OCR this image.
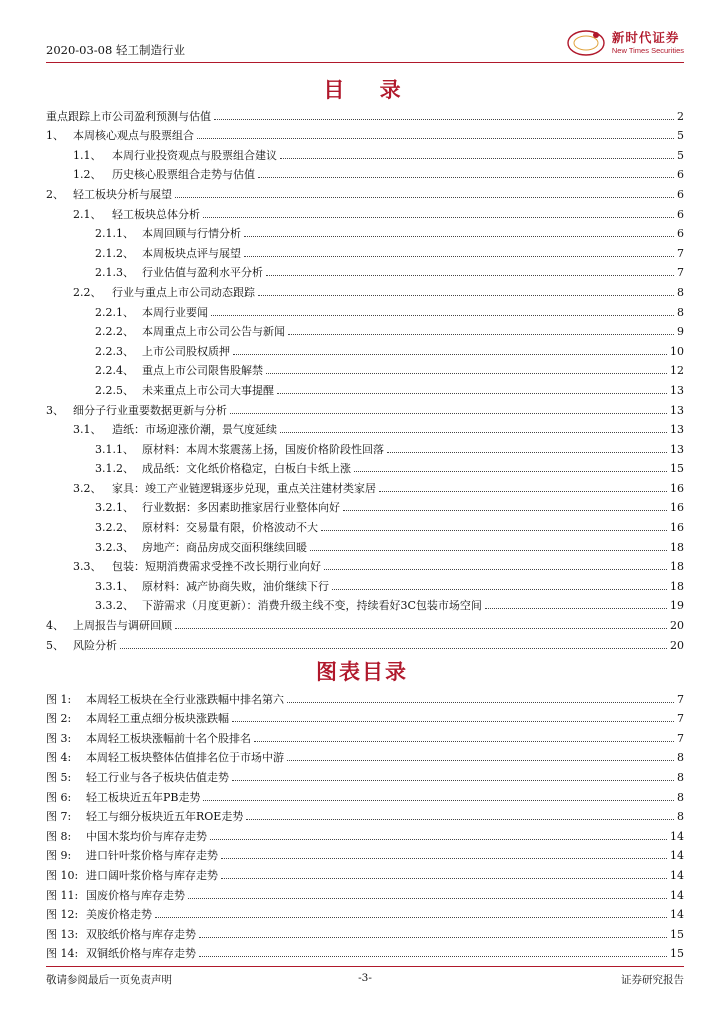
2020-03-08 轻工制造行业
新时代证券
New Times Securities
目 录
重点跟踪上市公司盈利预测与估值	2
1、 本周核心观点与股票组合	5
1.1、 本周行业投资观点与股票组合建议	5
1.2、 历史核心股票组合走势与估值	6
2、 轻工板块分析与展望	6
2.1、 轻工板块总体分析	6
2.1.1、 本周回顾与行情分析	6
2.1.2、 本周板块点评与展望	7
2.1.3、 行业估值与盈利水平分析	7
2.2、 行业与重点上市公司动态跟踪	8
2.2.1、 本周行业要闻	8
2.2.2、 本周重点上市公司公告与新闻	9
2.2.3、 上市公司股权质押	10
2.2.4、 重点上市公司限售股解禁	12
2.2.5、 未来重点上市公司大事提醒	13
3、 细分子行业重要数据更新与分析	13
3.1、 造纸：市场迎涨价潮，景气度延续	13
3.1.1、 原材料：本周木浆震荡上扬，国废价格阶段性回落	13
3.1.2、 成品纸：文化纸价格稳定，白板白卡纸上涨	15
3.2、 家具：竣工产业链逻辑逐步兑现，重点关注建材类家居	16
3.2.1、 行业数据：多因素助推家居行业整体向好	16
3.2.2、 原材料：交易量有限，价格波动不大	16
3.2.3、 房地产：商品房成交面积继续回暖	18
3.3、 包装：短期消费需求受挫不改长期行业向好	18
3.3.1、 原材料：减产协商失败，油价继续下行	18
3.3.2、 下游需求（月度更新）：消费升级主线不变，持续看好3C包装市场空间	19
4、 上周报告与调研回顾	20
5、 风险分析	20
图表目录
图 1:	本周轻工板块在全行业涨跌幅中排名第六	7
图 2:	本周轻工重点细分板块涨跌幅	7
图 3:	本周轻工板块涨幅前十名个股排名	7
图 4:	本周轻工板块整体估值排名位于市场中游	8
图 5:	轻工行业与各子板块估值走势	8
图 6:	轻工板块近五年PB走势	8
图 7:	轻工与细分板块近五年ROE走势	8
图 8:	中国木浆均价与库存走势	14
图 9:	进口针叶浆价格与库存走势	14
图 10: 进口阔叶浆价格与库存走势	14
图 11: 国废价格与库存走势	14
图 12: 美废价格走势	14
图 13: 双胶纸价格与库存走势	15
图 14: 双铜纸价格与库存走势	15
敬请参阅最后一页免责声明	-3-	证券研究报告
